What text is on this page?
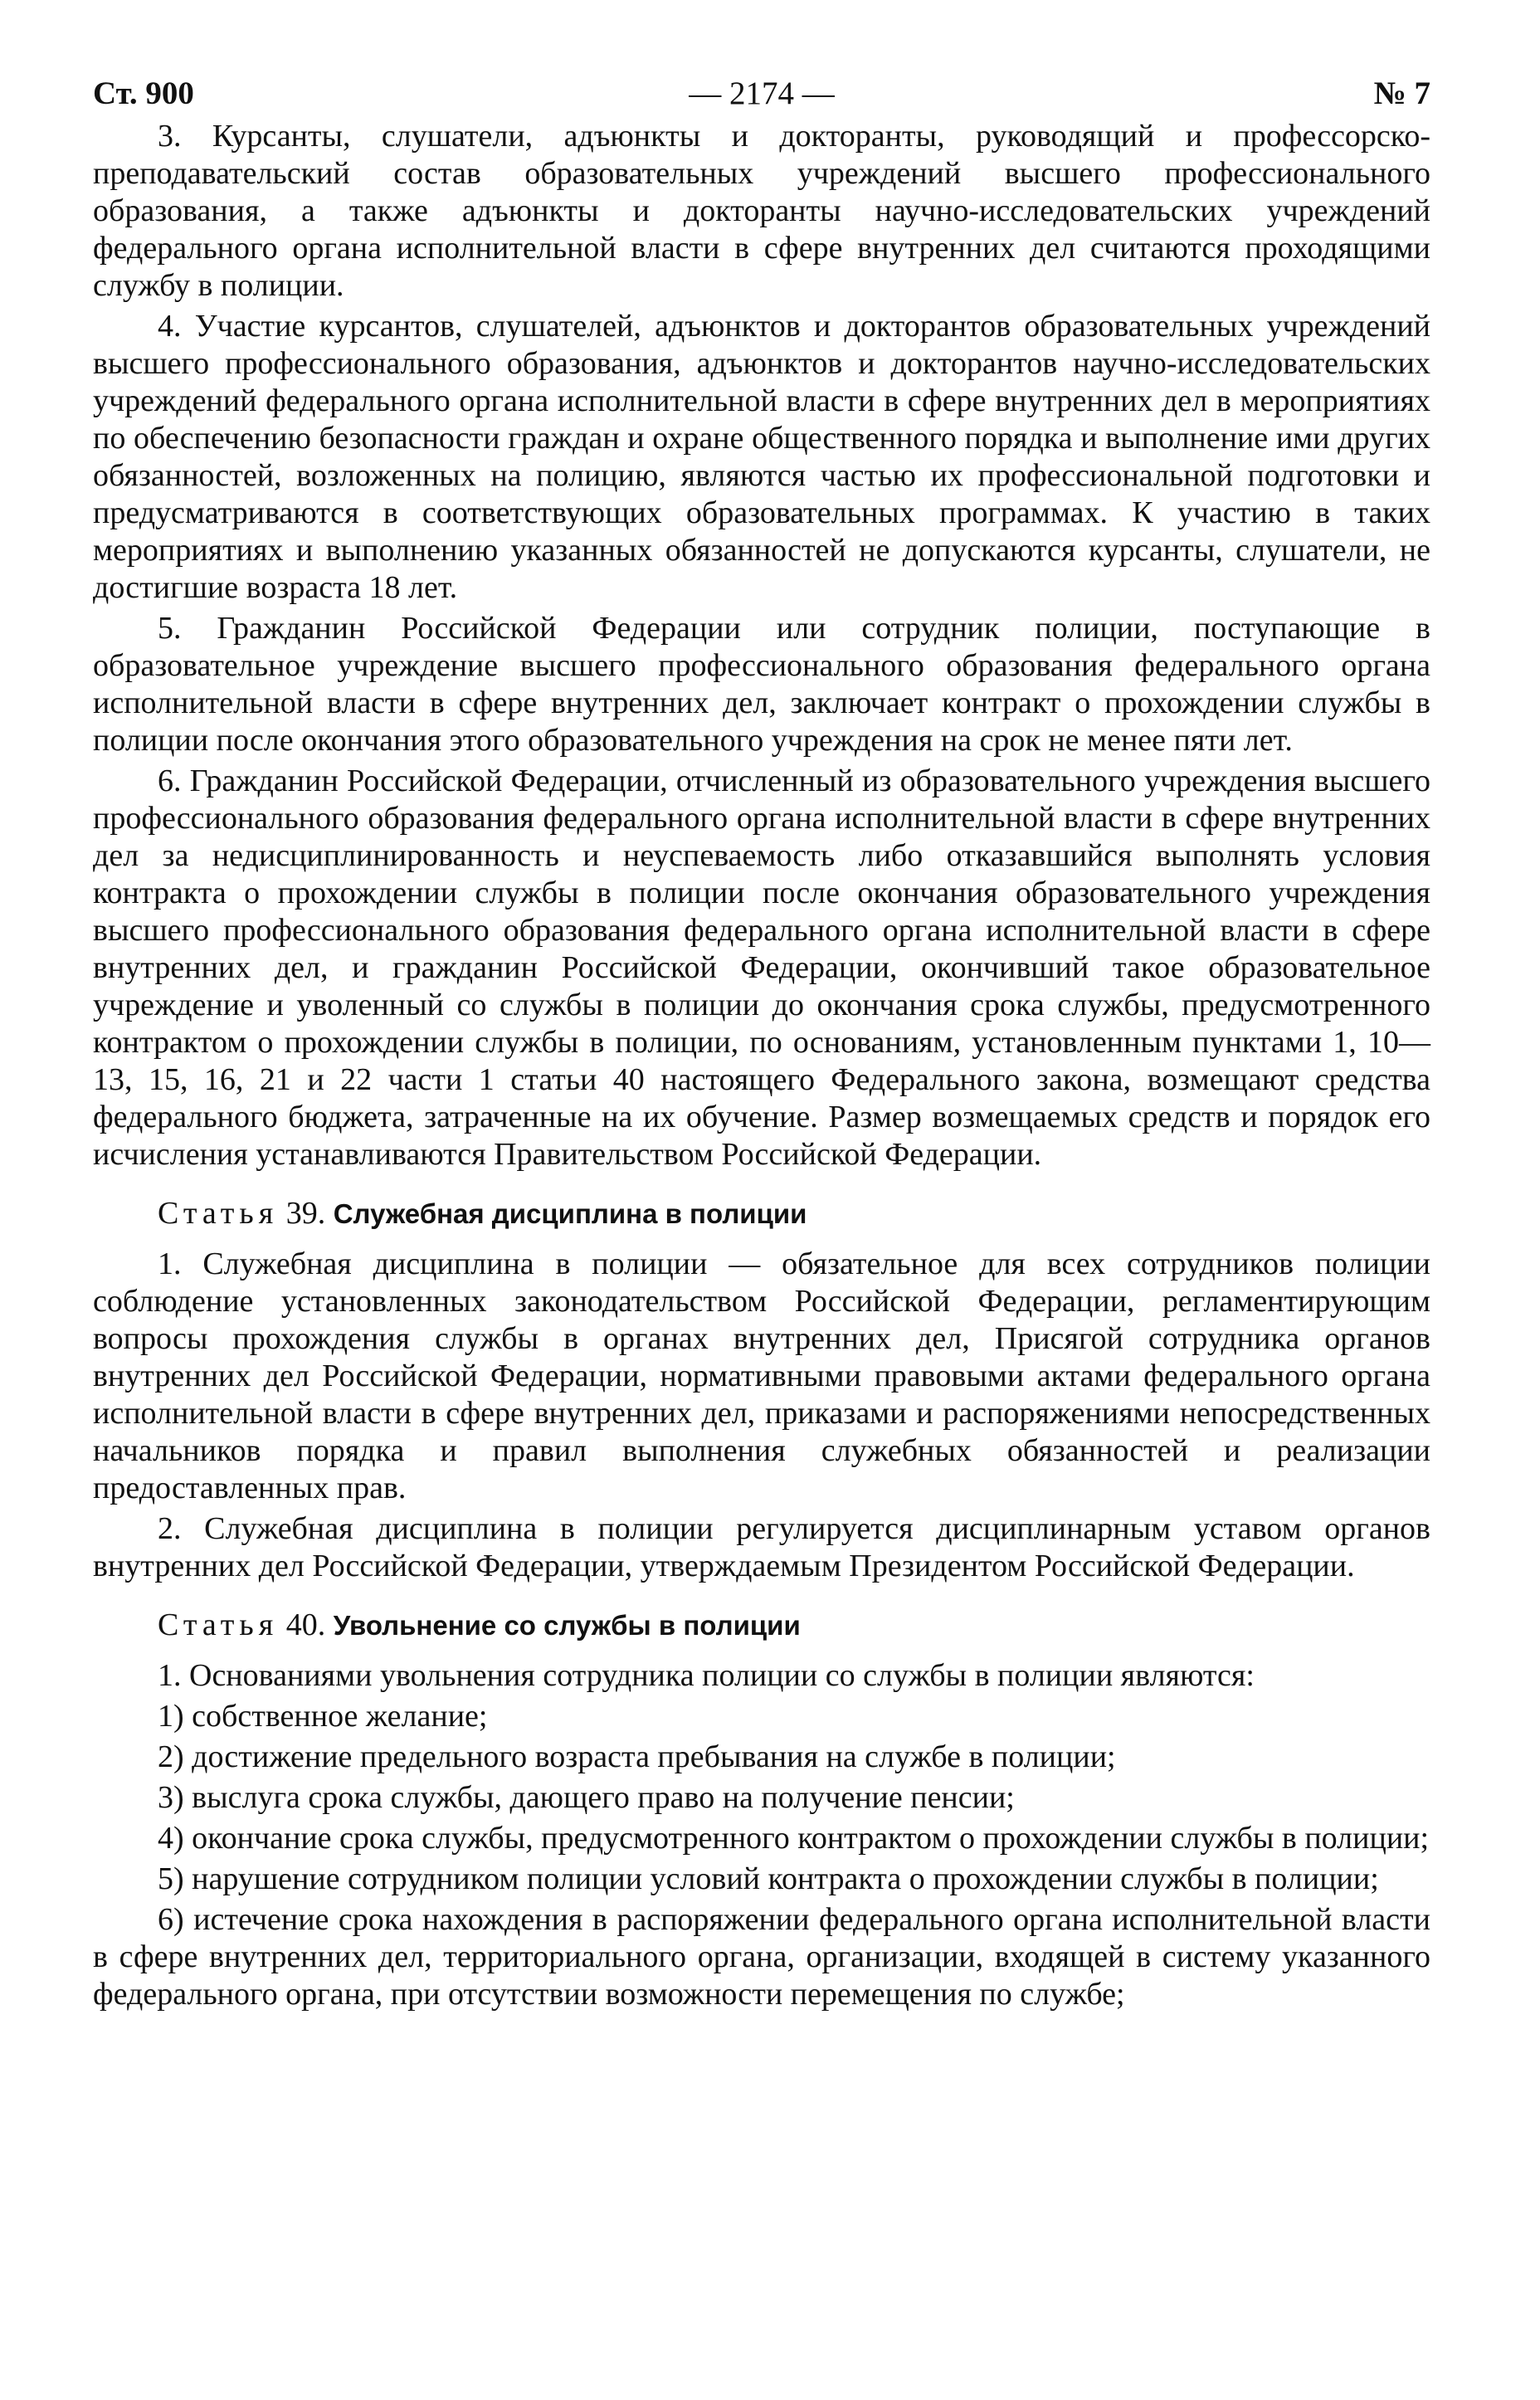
Ст. 900	— 2174 —	№ 7

3. Курсанты, слушатели, адъюнкты и докторанты, руководящий и профессорско-преподавательский состав образовательных учреждений высшего профессионального образования, а также адъюнкты и докторанты научно-исследовательских учреждений федерального органа исполнительной власти в сфере внутренних дел считаются проходящими службу в полиции.

4. Участие курсантов, слушателей, адъюнктов и докторантов образовательных учреждений высшего профессионального образования, адъюнктов и докторантов научно-исследовательских учреждений федерального органа исполнительной власти в сфере внутренних дел в мероприятиях по обеспечению безопасности граждан и охране общественного порядка и выполнение ими других обязанностей, возложенных на полицию, являются частью их профессиональной подготовки и предусматриваются в соответствующих образовательных программах. К участию в таких мероприятиях и выполнению указанных обязанностей не допускаются курсанты, слушатели, не достигшие возраста 18 лет.

5. Гражданин Российской Федерации или сотрудник полиции, поступающие в образовательное учреждение высшего профессионального образования федерального органа исполнительной власти в сфере внутренних дел, заключает контракт о прохождении службы в полиции после окончания этого образовательного учреждения на срок не менее пяти лет.

6. Гражданин Российской Федерации, отчисленный из образовательного учреждения высшего профессионального образования федерального органа исполнительной власти в сфере внутренних дел за недисциплинированность и неуспеваемость либо отказавшийся выполнять условия контракта о прохождении службы в полиции после окончания образовательного учреждения высшего профессионального образования федерального органа исполнительной власти в сфере внутренних дел, и гражданин Российской Федерации, окончивший такое образовательное учреждение и уволенный со службы в полиции до окончания срока службы, предусмотренного контрактом о прохождении службы в полиции, по основаниям, установленным пунктами 1, 10—13, 15, 16, 21 и 22 части 1 статьи 40 настоящего Федерального закона, возмещают средства федерального бюджета, затраченные на их обучение. Размер возмещаемых средств и порядок его исчисления устанавливаются Правительством Российской Федерации.

Статья 39. Служебная дисциплина в полиции

1. Служебная дисциплина в полиции — обязательное для всех сотрудников полиции соблюдение установленных законодательством Российской Федерации, регламентирующим вопросы прохождения службы в органах внутренних дел, Присягой сотрудника органов внутренних дел Российской Федерации, нормативными правовыми актами федерального органа исполнительной власти в сфере внутренних дел, приказами и распоряжениями непосредственных начальников порядка и правил выполнения служебных обязанностей и реализации предоставленных прав.

2. Служебная дисциплина в полиции регулируется дисциплинарным уставом органов внутренних дел Российской Федерации, утверждаемым Президентом Российской Федерации.

Статья 40. Увольнение со службы в полиции

1. Основаниями увольнения сотрудника полиции со службы в полиции являются:

1) собственное желание;

2) достижение предельного возраста пребывания на службе в полиции;

3) выслуга срока службы, дающего право на получение пенсии;

4) окончание срока службы, предусмотренного контрактом о прохождении службы в полиции;

5) нарушение сотрудником полиции условий контракта о прохождении службы в полиции;

6) истечение срока нахождения в распоряжении федерального органа исполнительной власти в сфере внутренних дел, территориального органа, организации, входящей в систему указанного федерального органа, при отсутствии возможности перемещения по службе;
